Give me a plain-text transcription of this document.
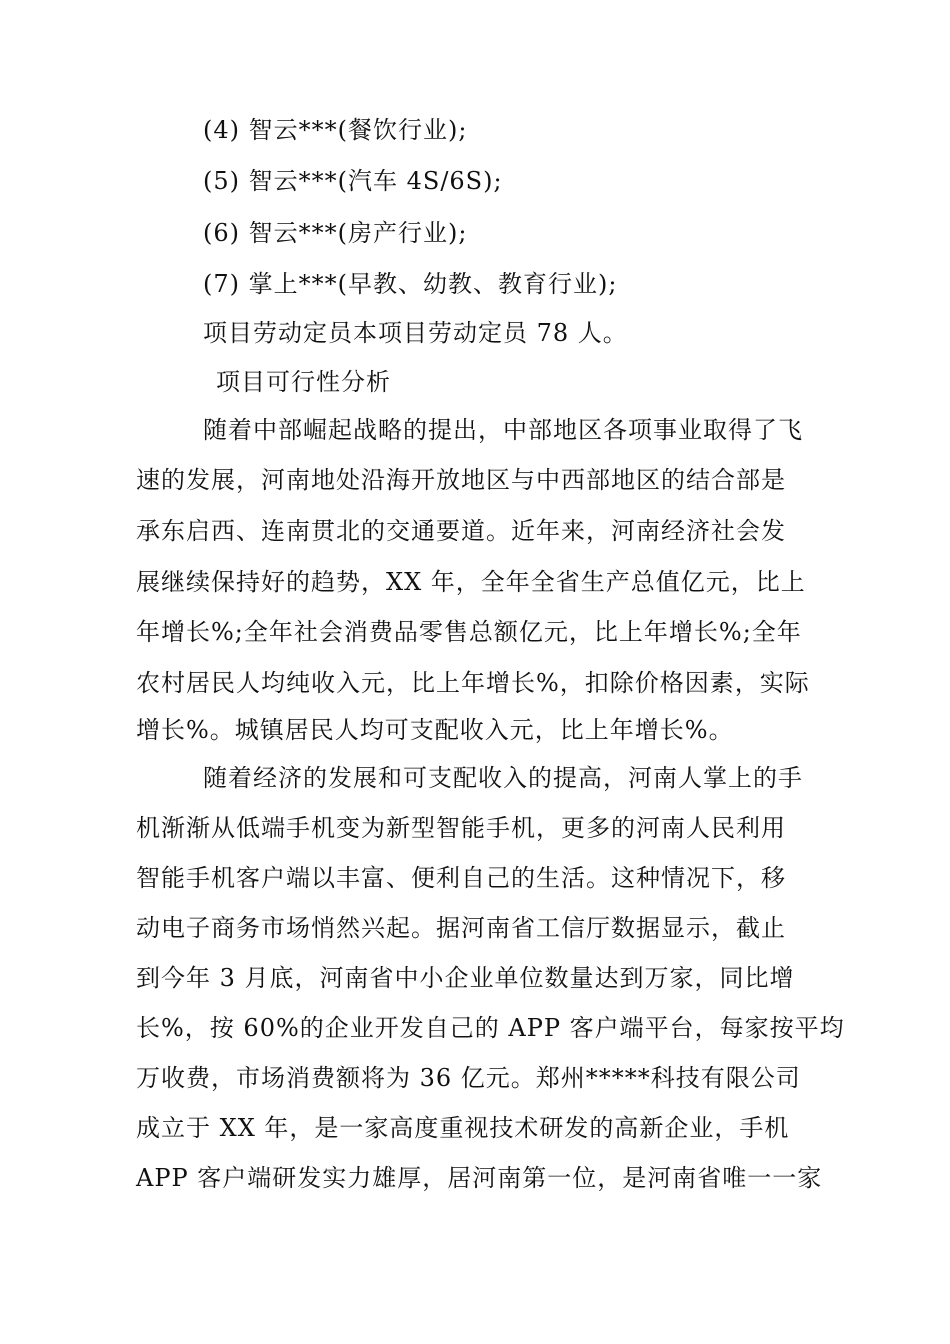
(4) 智云***(餐饮行业);
(5) 智云***(汽车 4S/6S);
(6) 智云***(房产行业);
(7) 掌上***(早教、幼教、教育行业);
项目劳动定员本项目劳动定员 78 人。
项目可行性分析
随着中部崛起战略的提出，中部地区各项事业取得了飞
速的发展，河南地处沿海开放地区与中西部地区的结合部是
承东启西、连南贯北的交通要道。近年来，河南经济社会发
展继续保持好的趋势，XX 年，全年全省生产总值亿元，比上
年增长%;全年社会消费品零售总额亿元，比上年增长%;全年
农村居民人均纯收入元，比上年增长%，扣除价格因素，实际
增长%。城镇居民人均可支配收入元，比上年增长%。
随着经济的发展和可支配收入的提高，河南人掌上的手
机渐渐从低端手机变为新型智能手机，更多的河南人民利用
智能手机客户端以丰富、便利自己的生活。这种情况下，移
动电子商务市场悄然兴起。据河南省工信厅数据显示，截止
到今年 3 月底，河南省中小企业单位数量达到万家，同比增
长%，按 60%的企业开发自己的 APP 客户端平台，每家按平均
万收费，市场消费额将为 36 亿元。郑州*****科技有限公司
成立于 XX 年，是一家高度重视技术研发的高新企业，手机
APP 客户端研发实力雄厚，居河南第一位，是河南省唯一一家
